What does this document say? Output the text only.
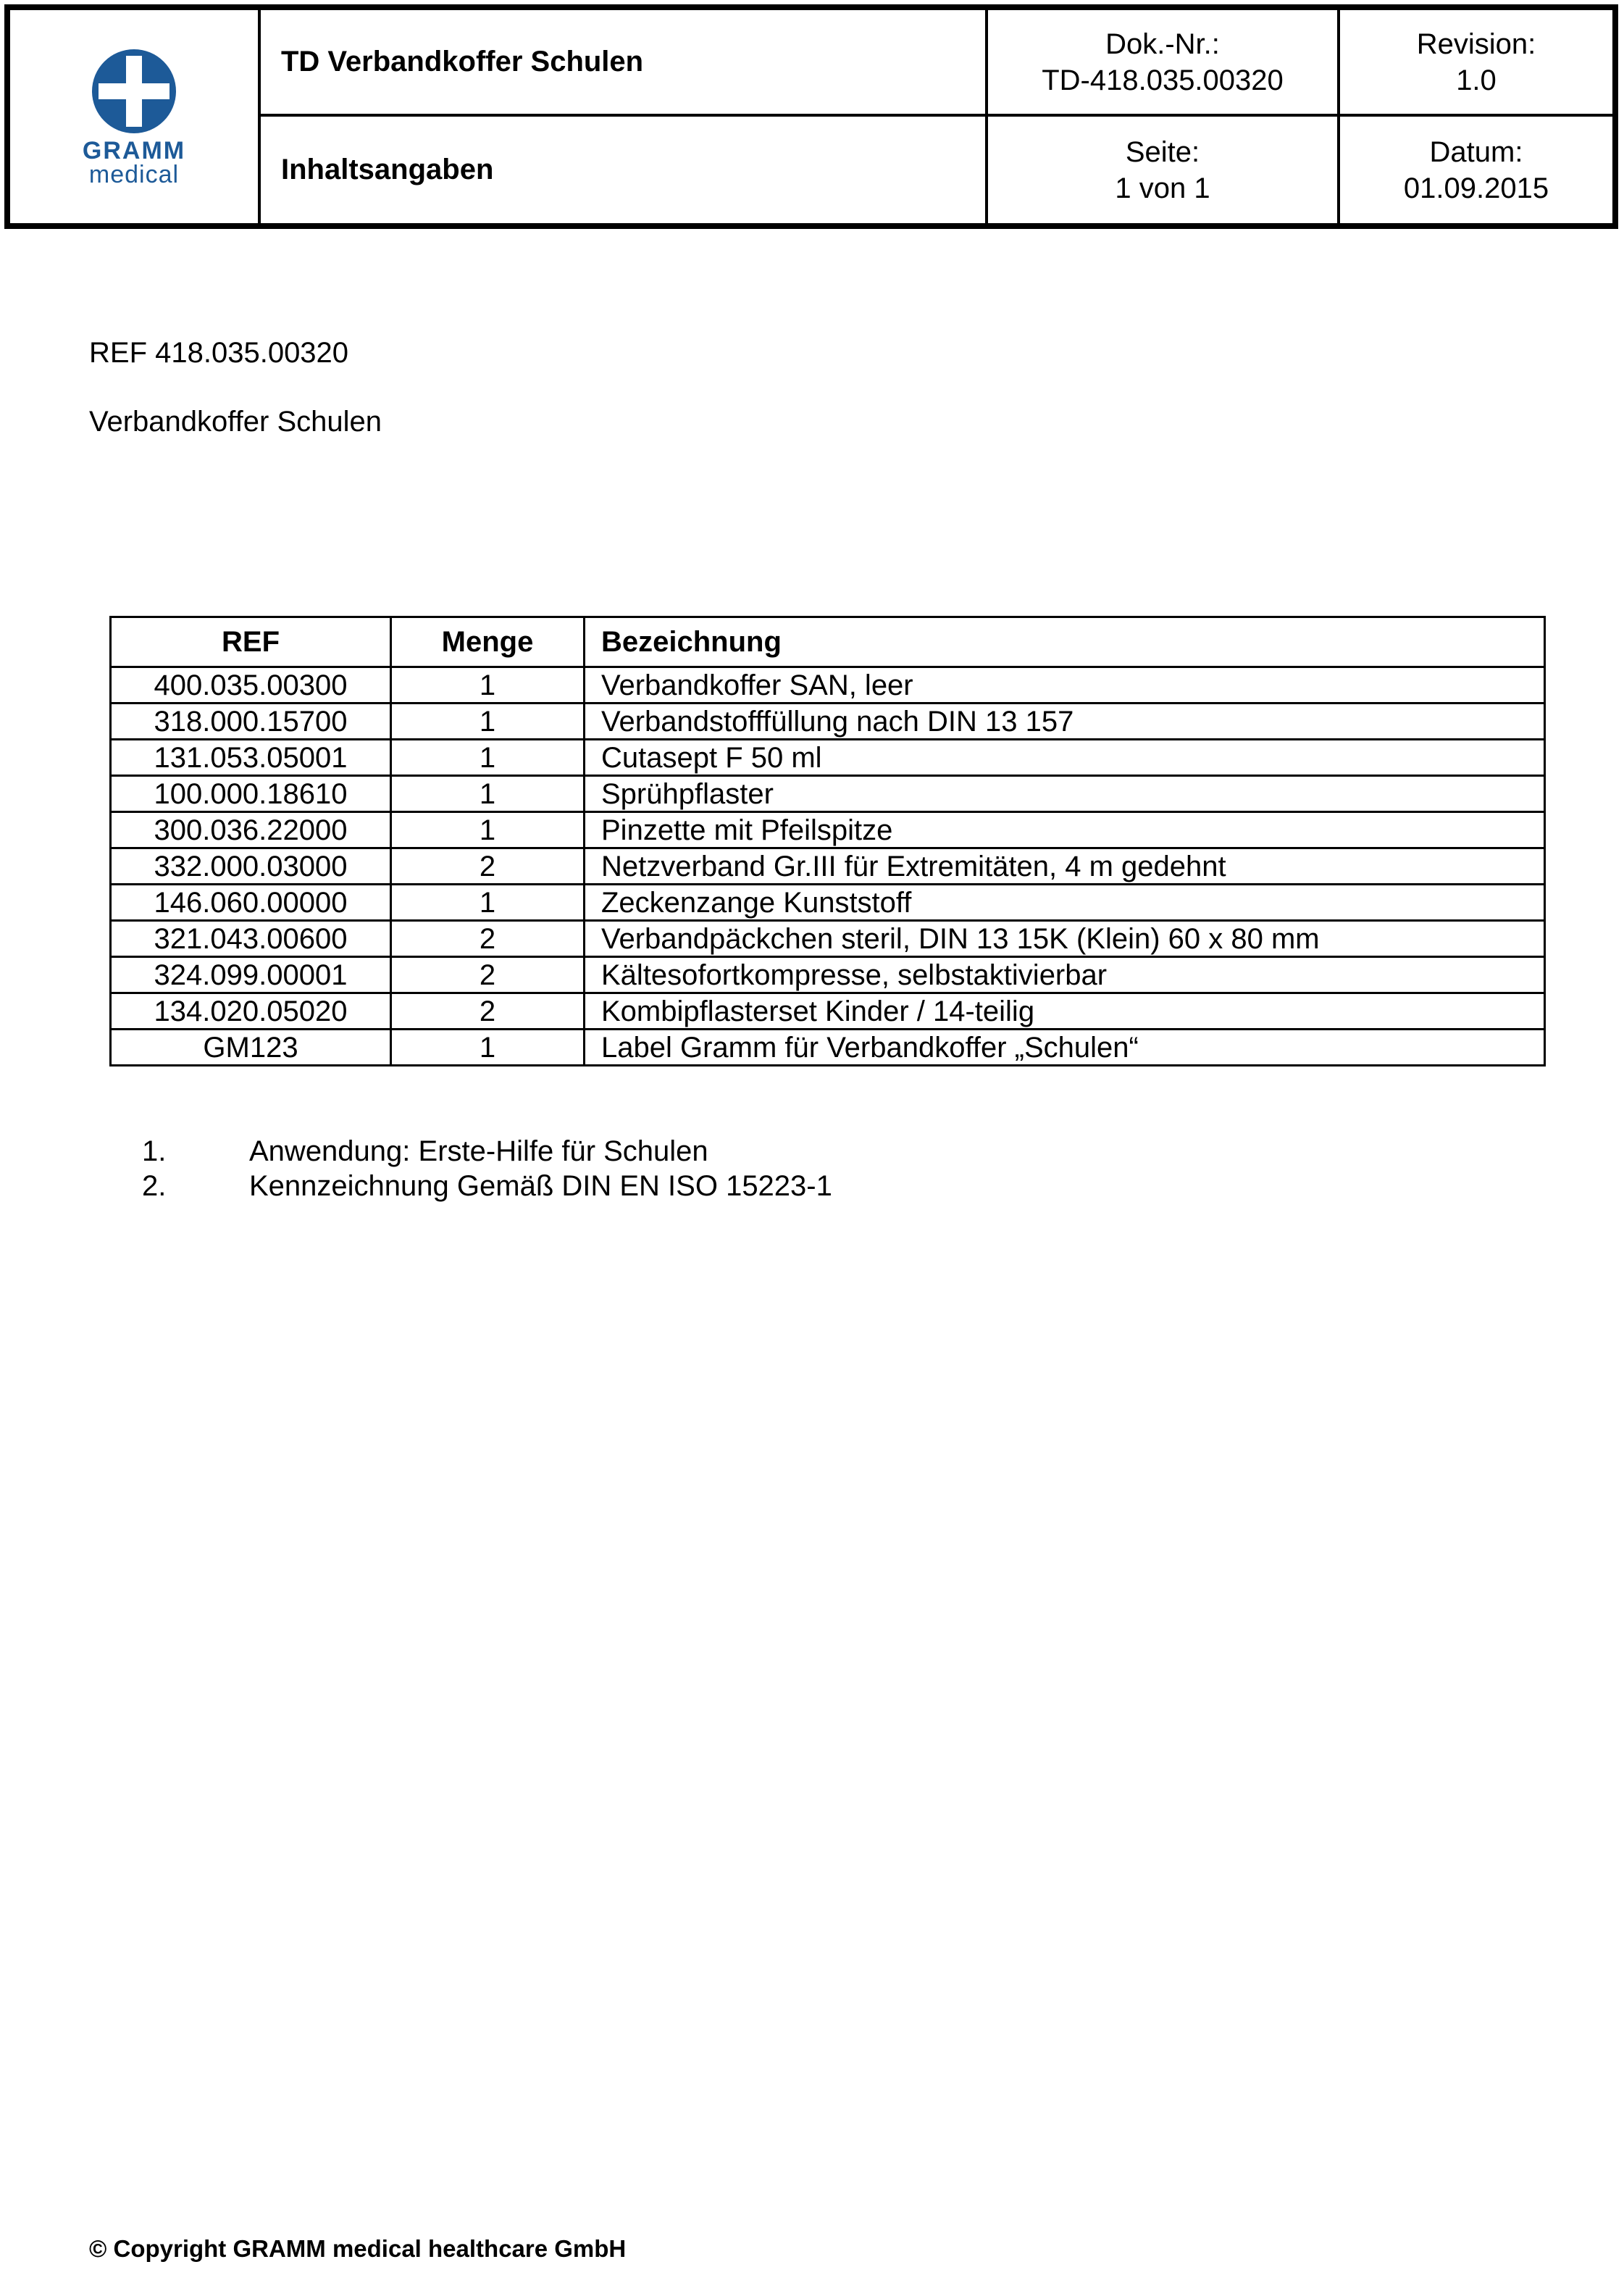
GRAMM
medical
TD Verbandkoffer Schulen
Dok.-Nr.:
TD-418.035.00320
Revision:
1.0
Inhaltsangaben
Seite:
1 von 1
Datum:
01.09.2015
REF 418.035.00320
Verbandkoffer Schulen
REF	Menge	Bezeichnung
400.035.00300	1	Verbandkoffer SAN, leer
318.000.15700	1	Verbandstofffüllung nach DIN 13 157
131.053.05001	1	Cutasept F 50 ml
100.000.18610	1	Sprühpflaster
300.036.22000	1	Pinzette mit Pfeilspitze
332.000.03000	2	Netzverband Gr.III für Extremitäten, 4 m gedehnt
146.060.00000	1	Zeckenzange Kunststoff
321.043.00600	2	Verbandpäckchen steril, DIN 13 15K (Klein) 60 x 80 mm
324.099.00001	2	Kältesofortkompresse, selbstaktivierbar
134.020.05020	2	Kombipflasterset Kinder / 14-teilig
GM123	1	Label Gramm für Verbandkoffer „Schulen“
1.	Anwendung: Erste-Hilfe für Schulen
2.	Kennzeichnung Gemäß DIN EN ISO 15223-1
© Copyright GRAMM medical healthcare GmbH
